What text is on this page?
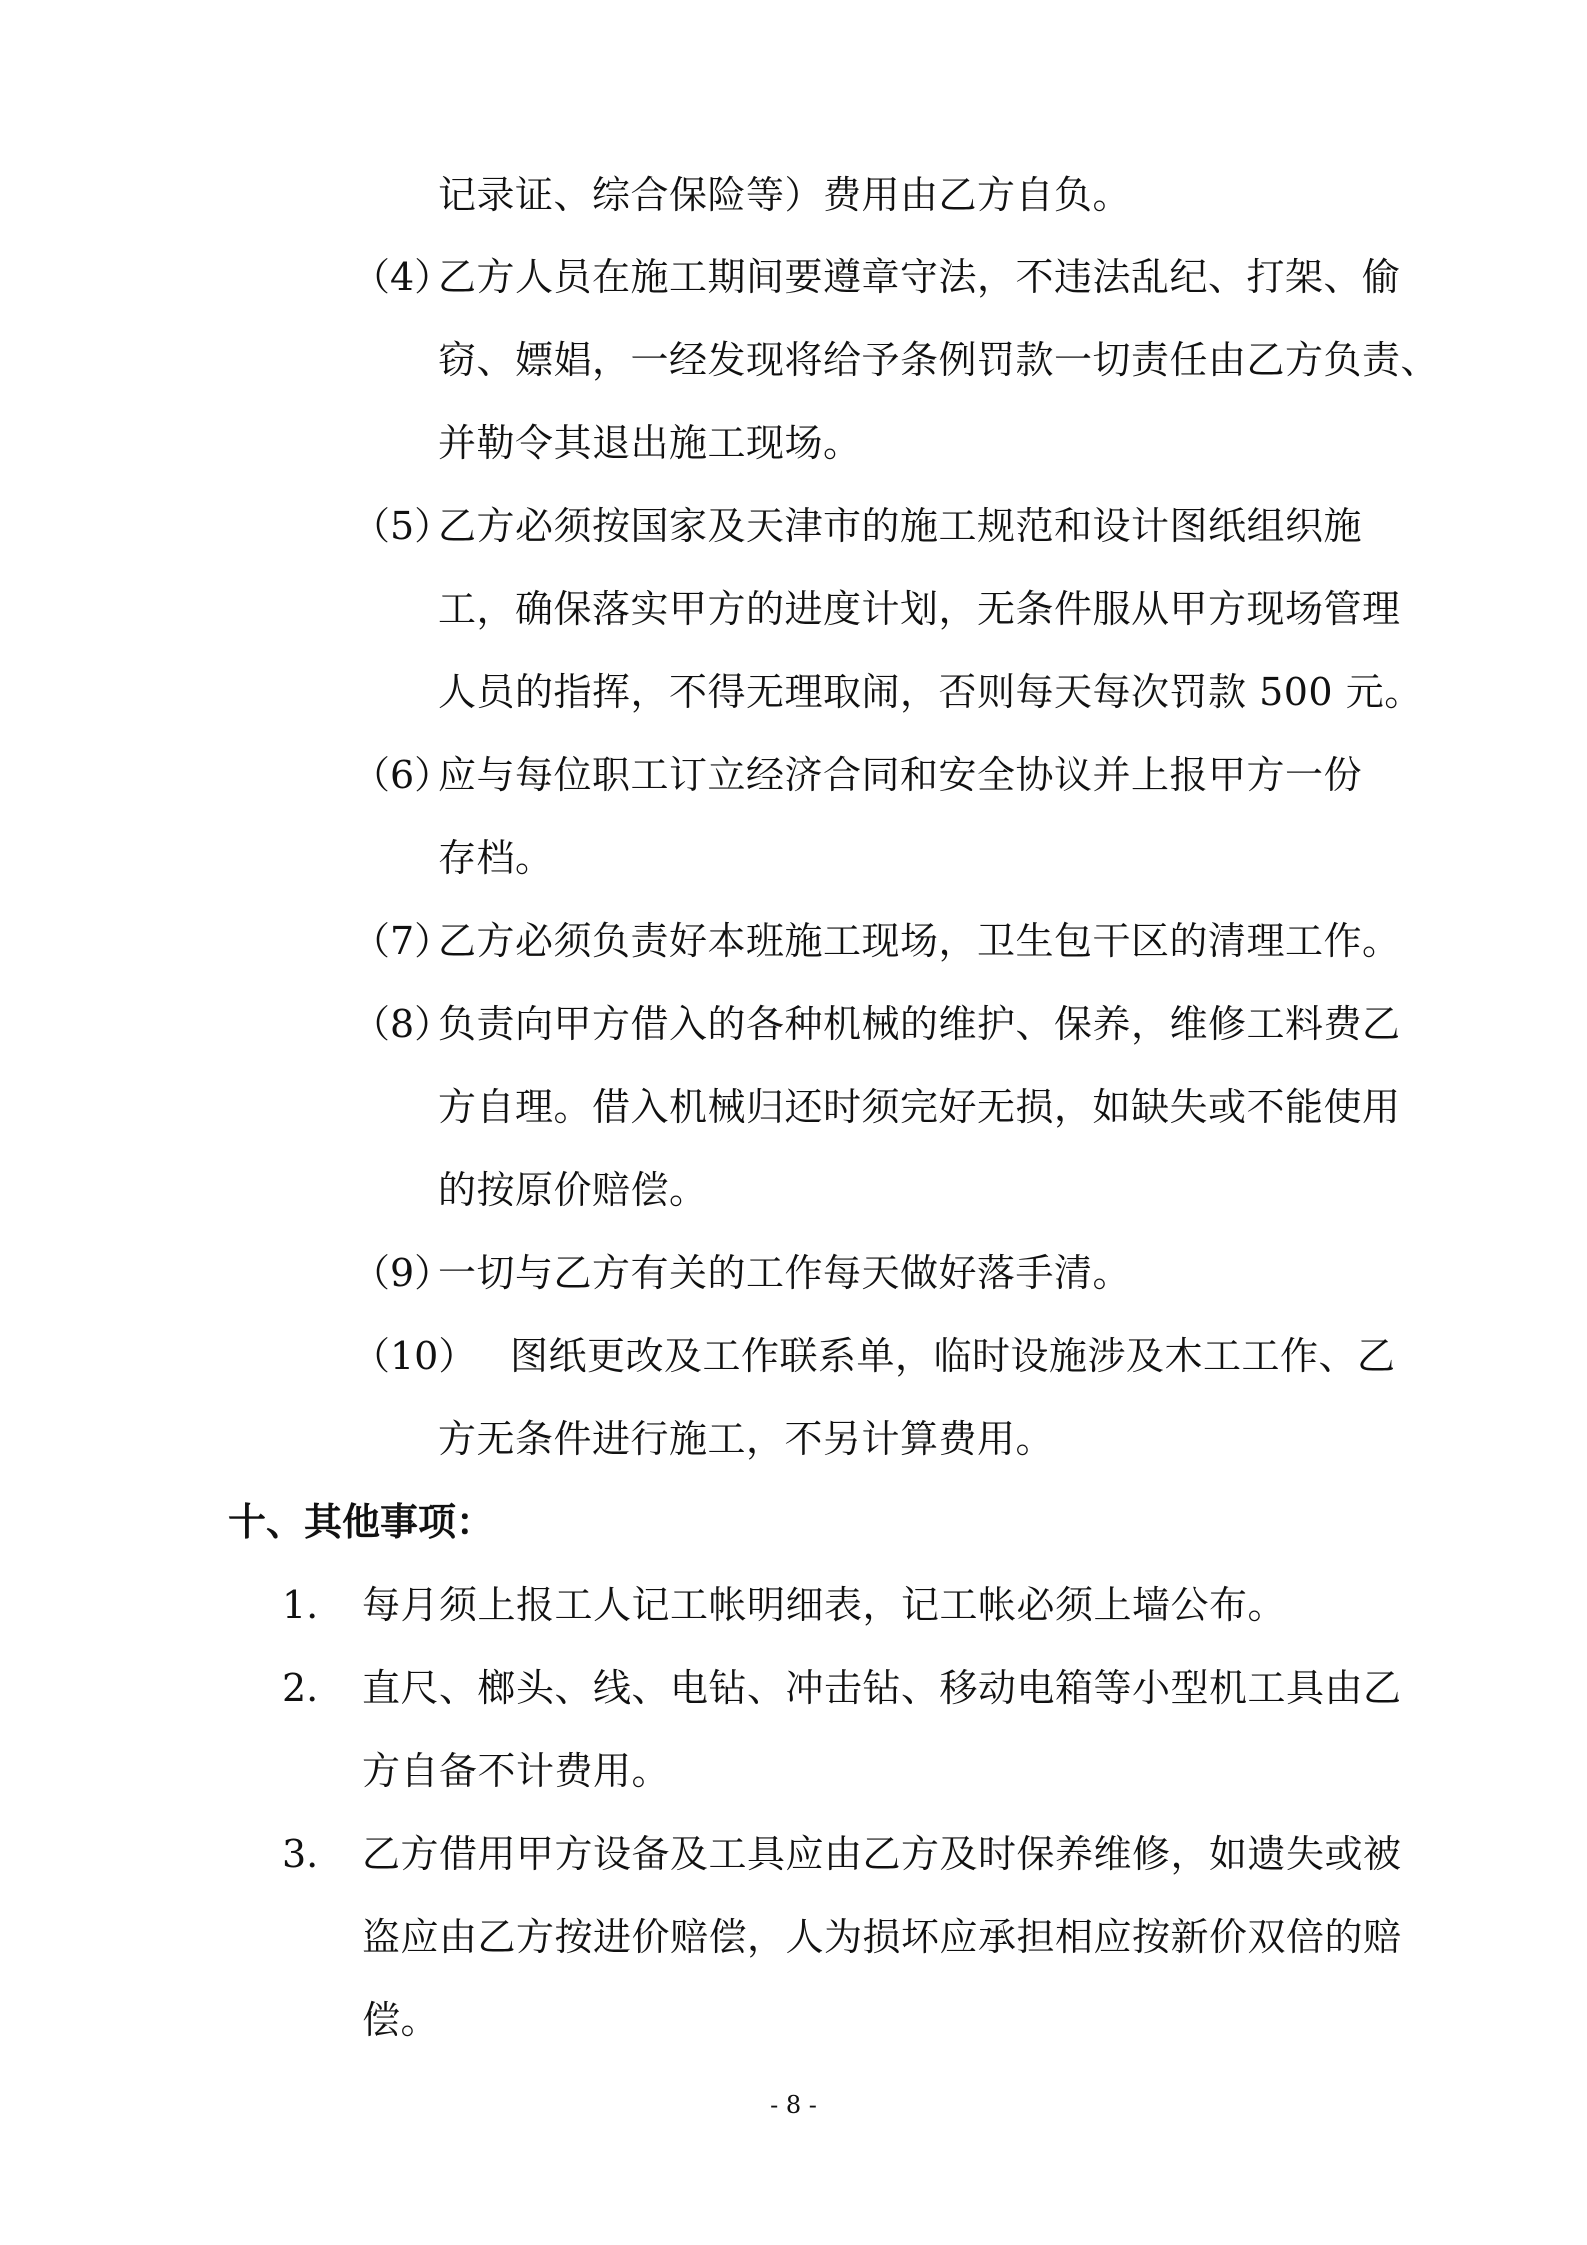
记录证、综合保险等）费用由乙方自负。
（4）
乙方人员在施工期间要遵章守法，不违法乱纪、打架、偷
窃、嫖娼，一经发现将给予条例罚款一切责任由乙方负责、
并勒令其退出施工现场。
（5）
乙方必须按国家及天津市的施工规范和设计图纸组织施
工，确保落实甲方的进度计划，无条件服从甲方现场管理
人员的指挥，不得无理取闹，否则每天每次罚款 500 元。
（6）
应与每位职工订立经济合同和安全协议并上报甲方一份
存档。
（7）
乙方必须负责好本班施工现场，卫生包干区的清理工作。
（8）
负责向甲方借入的各种机械的维护、保养，维修工料费乙
方自理。借入机械归还时须完好无损，如缺失或不能使用
的按原价赔偿。
（9）
一切与乙方有关的工作每天做好落手清。
（10） 图纸更改及工作联系单，临时设施涉及木工工作、乙
方无条件进行施工，不另计算费用。
十、其他事项：
1. 每月须上报工人记工帐明细表，记工帐必须上墙公布。
2. 直尺、榔头、线、电钻、冲击钻、移动电箱等小型机工具由乙
方自备不计费用。
3. 乙方借用甲方设备及工具应由乙方及时保养维修，如遗失或被
盗应由乙方按进价赔偿，人为损坏应承担相应按新价双倍的赔
偿。
- 8 -
